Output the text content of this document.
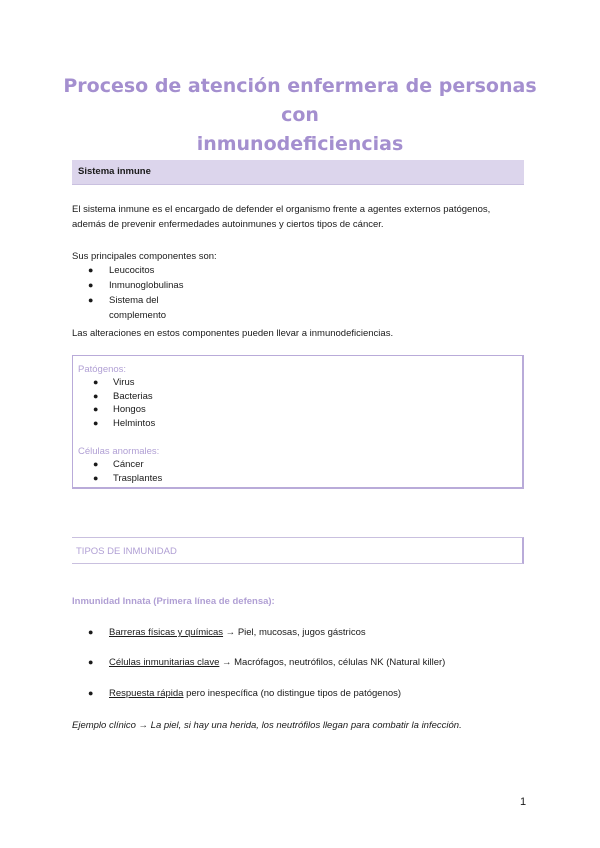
Proceso de atención enfermera de personas con
inmunodeficiencias
Sistema inmune
El sistema inmune es el encargado de defender el organismo frente a agentes externos patógenos,
además de prevenir enfermedades autoinmunes y ciertos tipos de cáncer.
Sus principales componentes son:
● Leucocitos
● Inmunoglobulinas
● Sistema del complemento
Las alteraciones en estos componentes pueden llevar a inmunodeficiencias.
Patógenos:
● Virus
● Bacterias
● Hongos
● Helmintos
Células anormales:
● Cáncer
● Trasplantes
TIPOS DE INMUNIDAD
Inmunidad Innata (Primera línea de defensa):
● Barreras físicas y químicas → Piel, mucosas, jugos gástricos
● Células inmunitarias clave → Macrófagos, neutrófilos, células NK (Natural killer)
● Respuesta rápida pero inespecífica (no distingue tipos de patógenos)
Ejemplo clínico → La piel, si hay una herida, los neutrófilos llegan para combatir la infección.
1
